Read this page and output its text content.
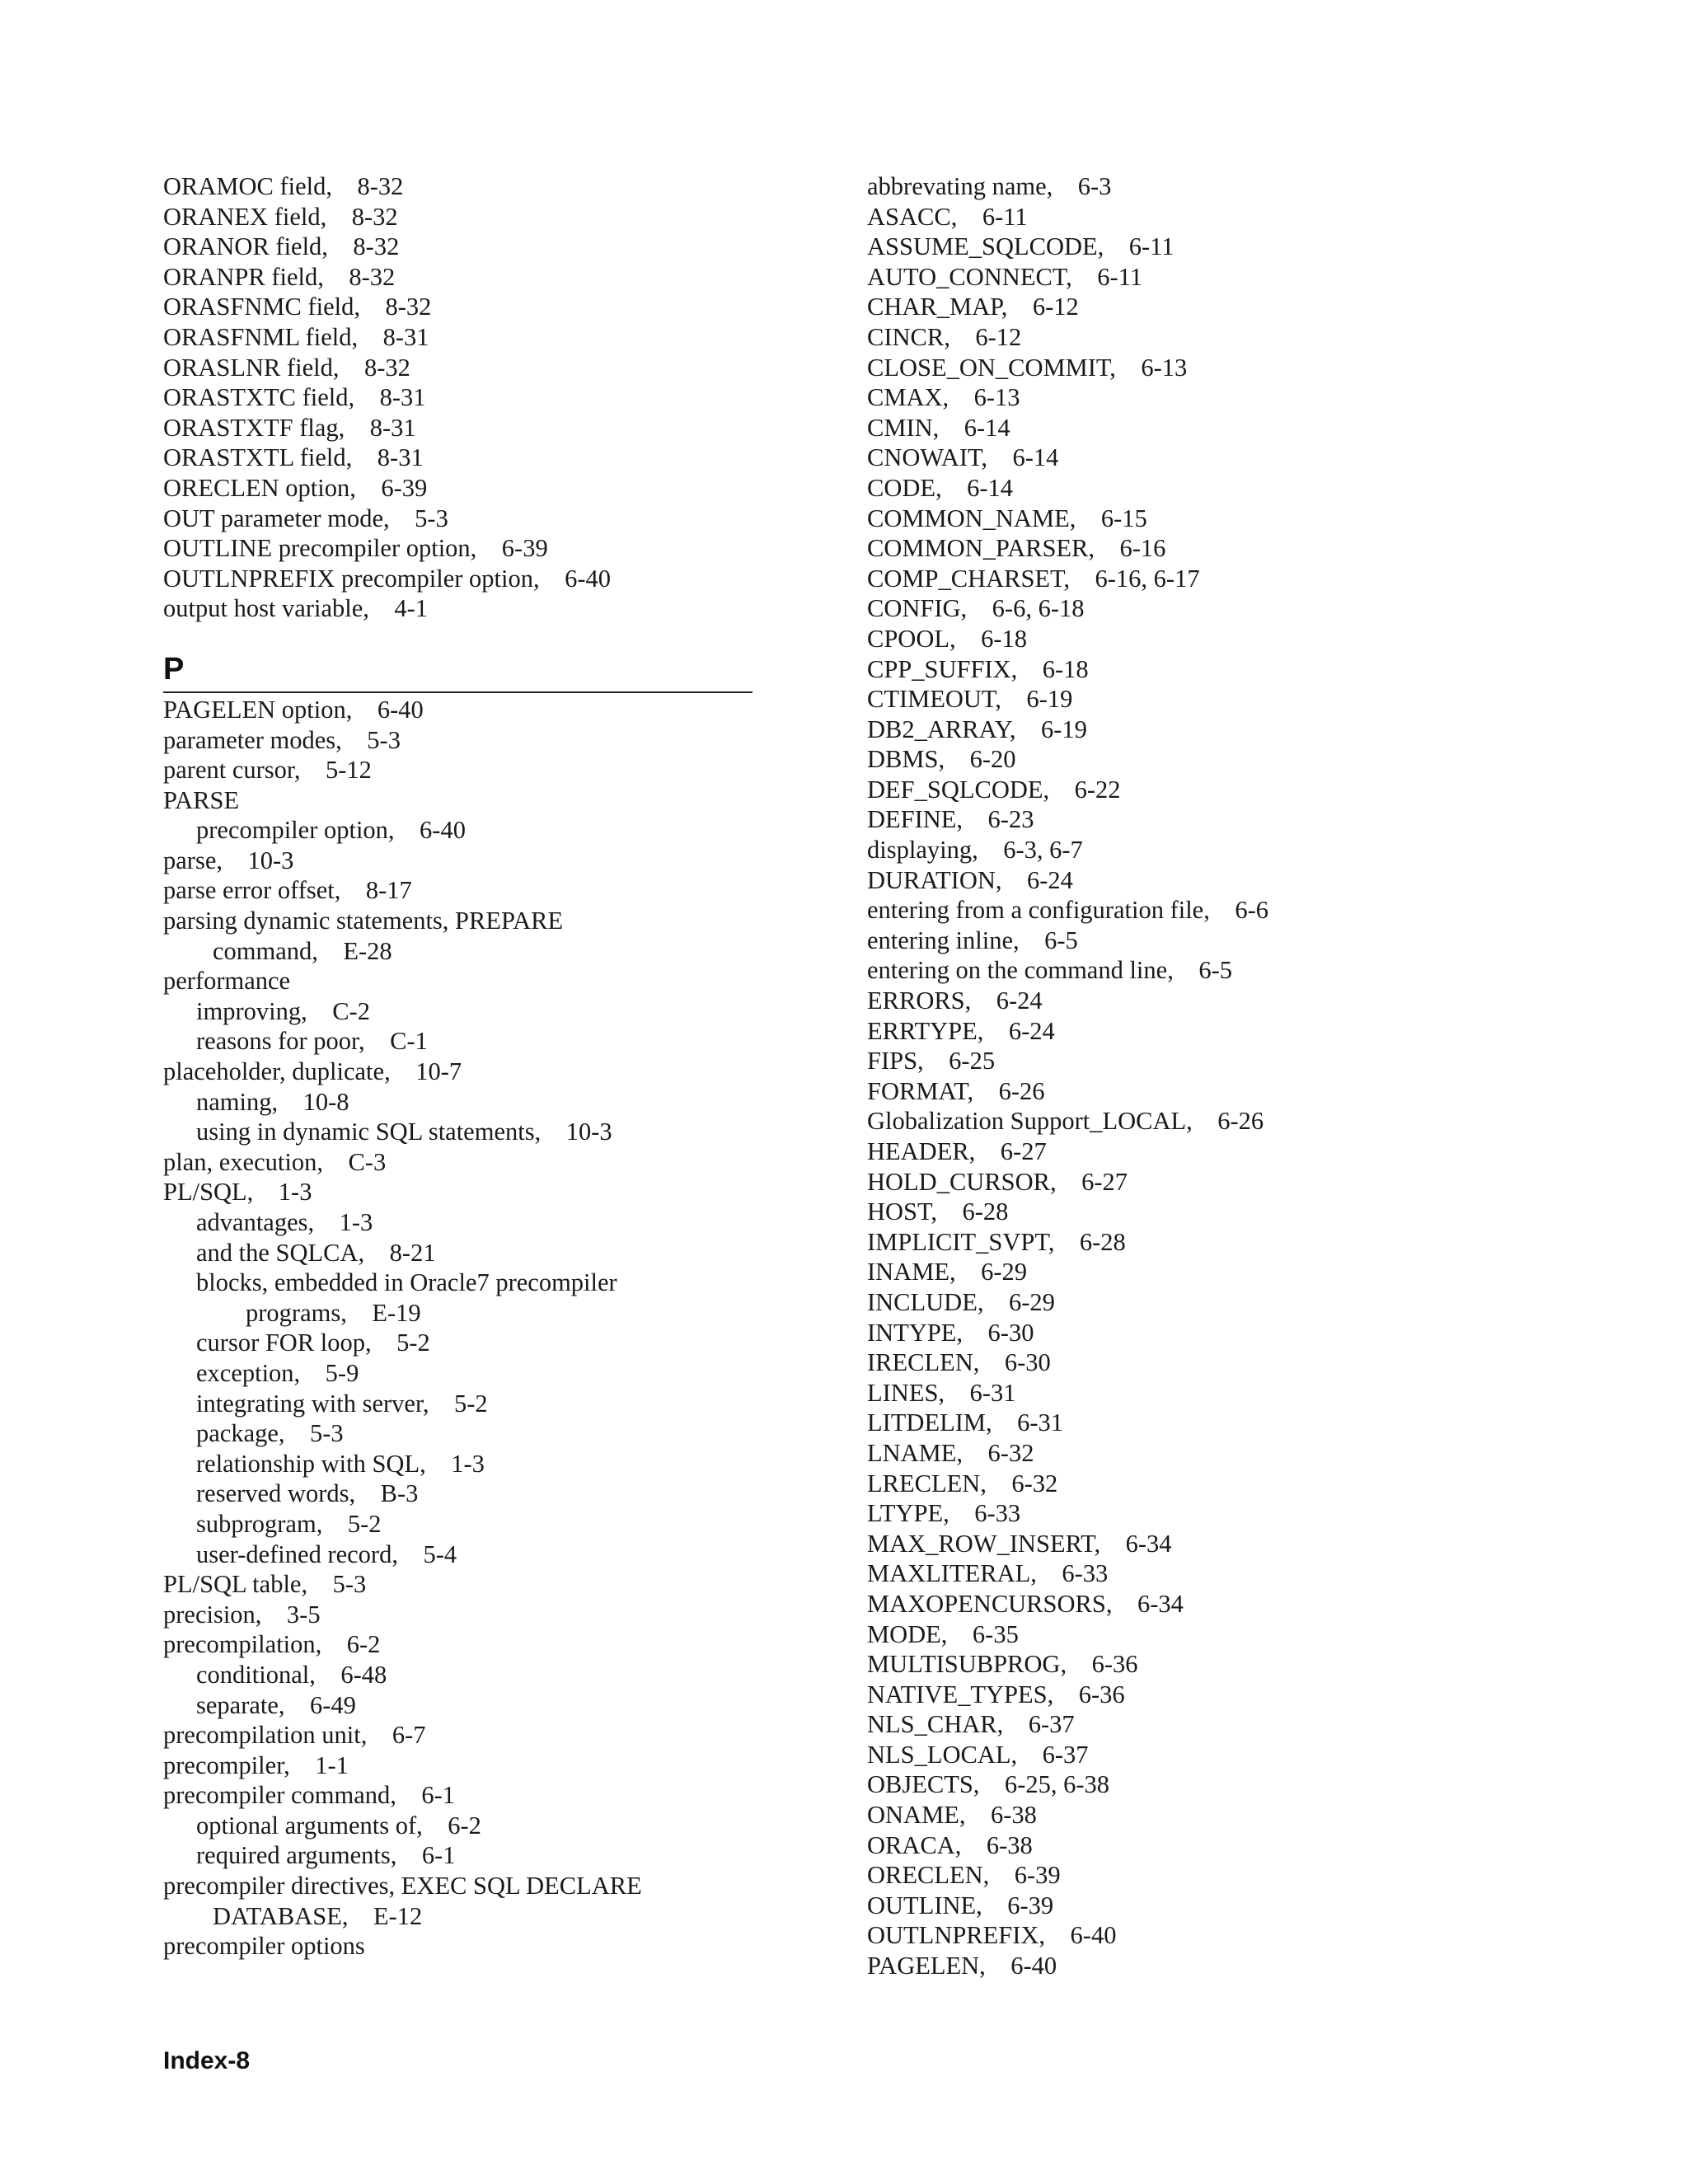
ORAMOC field,    8-32
ORANEX field,    8-32
ORANOR field,    8-32
ORANPR field,    8-32
ORASFNMC field,    8-32
ORASFNML field,    8-31
ORASLNR field,    8-32
ORASTXTC field,    8-31
ORASTXTF flag,    8-31
ORASTXTL field,    8-31
ORECLEN option,    6-39
OUT parameter mode,    5-3
OUTLINE precompiler option,    6-39
OUTLNPREFIX precompiler option,    6-40
output host variable,    4-1
P
PAGELEN option,    6-40
parameter modes,    5-3
parent cursor,    5-12
PARSE
precompiler option,    6-40
parse,    10-3
parse error offset,    8-17
parsing dynamic statements, PREPARE
command,    E-28
performance
improving,    C-2
reasons for poor,    C-1
placeholder, duplicate,    10-7
naming,    10-8
using in dynamic SQL statements,    10-3
plan, execution,    C-3
PL/SQL,    1-3
advantages,    1-3
and the SQLCA,    8-21
blocks, embedded in Oracle7 precompiler
programs,    E-19
cursor FOR loop,    5-2
exception,    5-9
integrating with server,    5-2
package,    5-3
relationship with SQL,    1-3
reserved words,    B-3
subprogram,    5-2
user-defined record,    5-4
PL/SQL table,    5-3
precision,    3-5
precompilation,    6-2
conditional,    6-48
separate,    6-49
precompilation unit,    6-7
precompiler,    1-1
precompiler command,    6-1
optional arguments of,    6-2
required arguments,    6-1
precompiler directives, EXEC SQL DECLARE
DATABASE,    E-12
precompiler options
abbrevating name,    6-3
ASACC,    6-11
ASSUME_SQLCODE,    6-11
AUTO_CONNECT,    6-11
CHAR_MAP,    6-12
CINCR,    6-12
CLOSE_ON_COMMIT,    6-13
CMAX,    6-13
CMIN,    6-14
CNOWAIT,    6-14
CODE,    6-14
COMMON_NAME,    6-15
COMMON_PARSER,    6-16
COMP_CHARSET,    6-16, 6-17
CONFIG,    6-6, 6-18
CPOOL,    6-18
CPP_SUFFIX,    6-18
CTIMEOUT,    6-19
DB2_ARRAY,    6-19
DBMS,    6-20
DEF_SQLCODE,    6-22
DEFINE,    6-23
displaying,    6-3, 6-7
DURATION,    6-24
entering from a configuration file,    6-6
entering inline,    6-5
entering on the command line,    6-5
ERRORS,    6-24
ERRTYPE,    6-24
FIPS,    6-25
FORMAT,    6-26
Globalization Support_LOCAL,    6-26
HEADER,    6-27
HOLD_CURSOR,    6-27
HOST,    6-28
IMPLICIT_SVPT,    6-28
INAME,    6-29
INCLUDE,    6-29
INTYPE,    6-30
IRECLEN,    6-30
LINES,    6-31
LITDELIM,    6-31
LNAME,    6-32
LRECLEN,    6-32
LTYPE,    6-33
MAX_ROW_INSERT,    6-34
MAXLITERAL,    6-33
MAXOPENCURSORS,    6-34
MODE,    6-35
MULTISUBPROG,    6-36
NATIVE_TYPES,    6-36
NLS_CHAR,    6-37
NLS_LOCAL,    6-37
OBJECTS,    6-25, 6-38
ONAME,    6-38
ORACA,    6-38
ORECLEN,    6-39
OUTLINE,    6-39
OUTLNPREFIX,    6-40
PAGELEN,    6-40
Index-8
